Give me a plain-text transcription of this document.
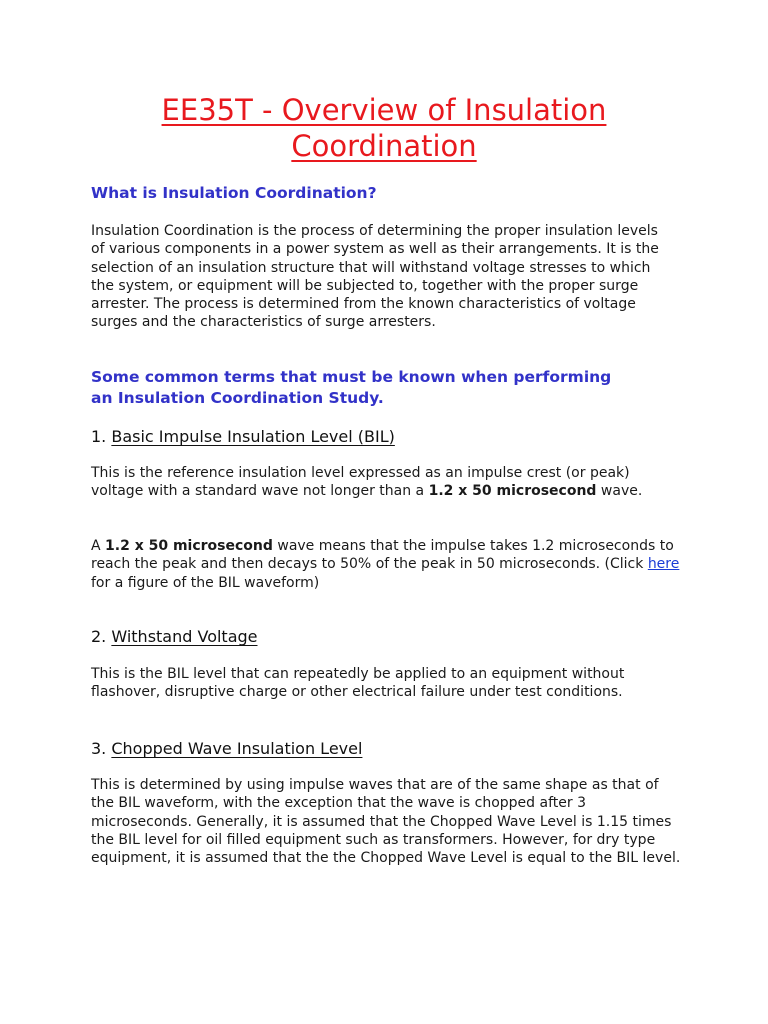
EE35T - Overview of Insulation
Coordination
What is Insulation Coordination?

Insulation Coordination is the process of determining the proper insulation levels of various components in a power system as well as their arrangements. It is the selection of an insulation structure that will withstand voltage stresses to which the system, or equipment will be subjected to, together with the proper surge arrester. The process is determined from the known characteristics of voltage surges and the characteristics of surge arresters.

Some common terms that must be known when performing
an Insulation Coordination Study.

1. Basic Impulse Insulation Level (BIL)

This is the reference insulation level expressed as an impulse crest (or peak) voltage with a standard wave not longer than a 1.2 x 50 microsecond wave.

A 1.2 x 50 microsecond wave means that the impulse takes 1.2 microseconds to reach the peak and then decays to 50% of the peak in 50 microseconds. (Click here for a figure of the BIL waveform)

2. Withstand Voltage

This is the BIL level that can repeatedly be applied to an equipment without flashover, disruptive charge or other electrical failure under test conditions.

3. Chopped Wave Insulation Level

This is determined by using impulse waves that are of the same shape as that of the BIL waveform, with the exception that the wave is chopped after 3 microseconds. Generally, it is assumed that the Chopped Wave Level is 1.15 times the BIL level for oil filled equipment such as transformers. However, for dry type equipment, it is assumed that the the Chopped Wave Level is equal to the BIL level.
